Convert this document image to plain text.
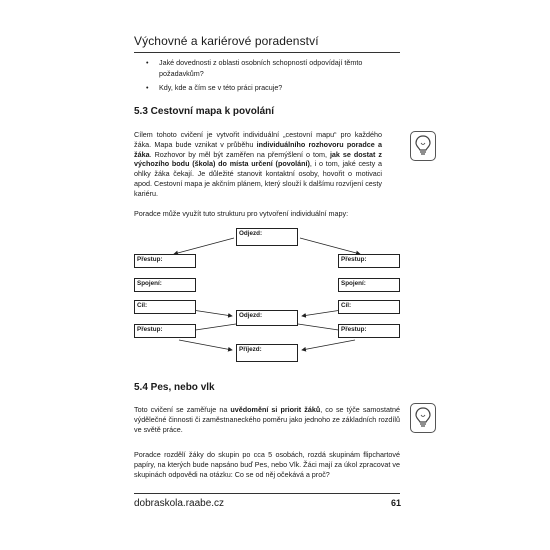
Výchovné a kariérové poradenství
• Jaké dovednosti z oblasti osobních schopností odpovídají těmto požadavkům?
• Kdy, kde a čím se v této práci pracuje?
5.3 Cestovní mapa k povolání
Cílem tohoto cvičení je vytvořit individuální „cestovní mapu“ pro každého žáka. Mapa bude vznikat v průběhu individuálního rozhovoru poradce a žáka. Rozhovor by měl být zaměřen na přemýšlení o tom, jak se dostat z výchozího bodu (škola) do místa určení (povolání), i o tom, jaké cesty a ohlky žáka čekají. Je důležité stanovit kontaktní osoby, hovořit o motivaci apod. Cestovní mapa je akčním plánem, který slouží k dalšímu rozvíjení cesty kariéru.
Poradce může využít tuto strukturu pro vytvoření individuální mapy:
Odjezd:
Přestup:
Spojení:
Cíl:
Přestup:
Přestup:
Spojení:
Cíl:
Přestup:
Odjezd:
Příjezd:
5.4 Pes, nebo vlk
Toto cvičení se zaměřuje na uvědomění si priorit žáků, co se týče samostatné výdělečné činnosti či zaměstnaneckého poměru jako jednoho ze základních rozdílů ve světě práce.
Poradce rozdělí žáky do skupin po cca 5 osobách, rozdá skupinám flipchartové papíry, na kterých bude napsáno buď Pes, nebo Vlk. Žáci mají za úkol zpracovat ve skupinách odpovědi na otázku: Co se od něj očekává a proč?
dobraskola.raabe.cz	61
